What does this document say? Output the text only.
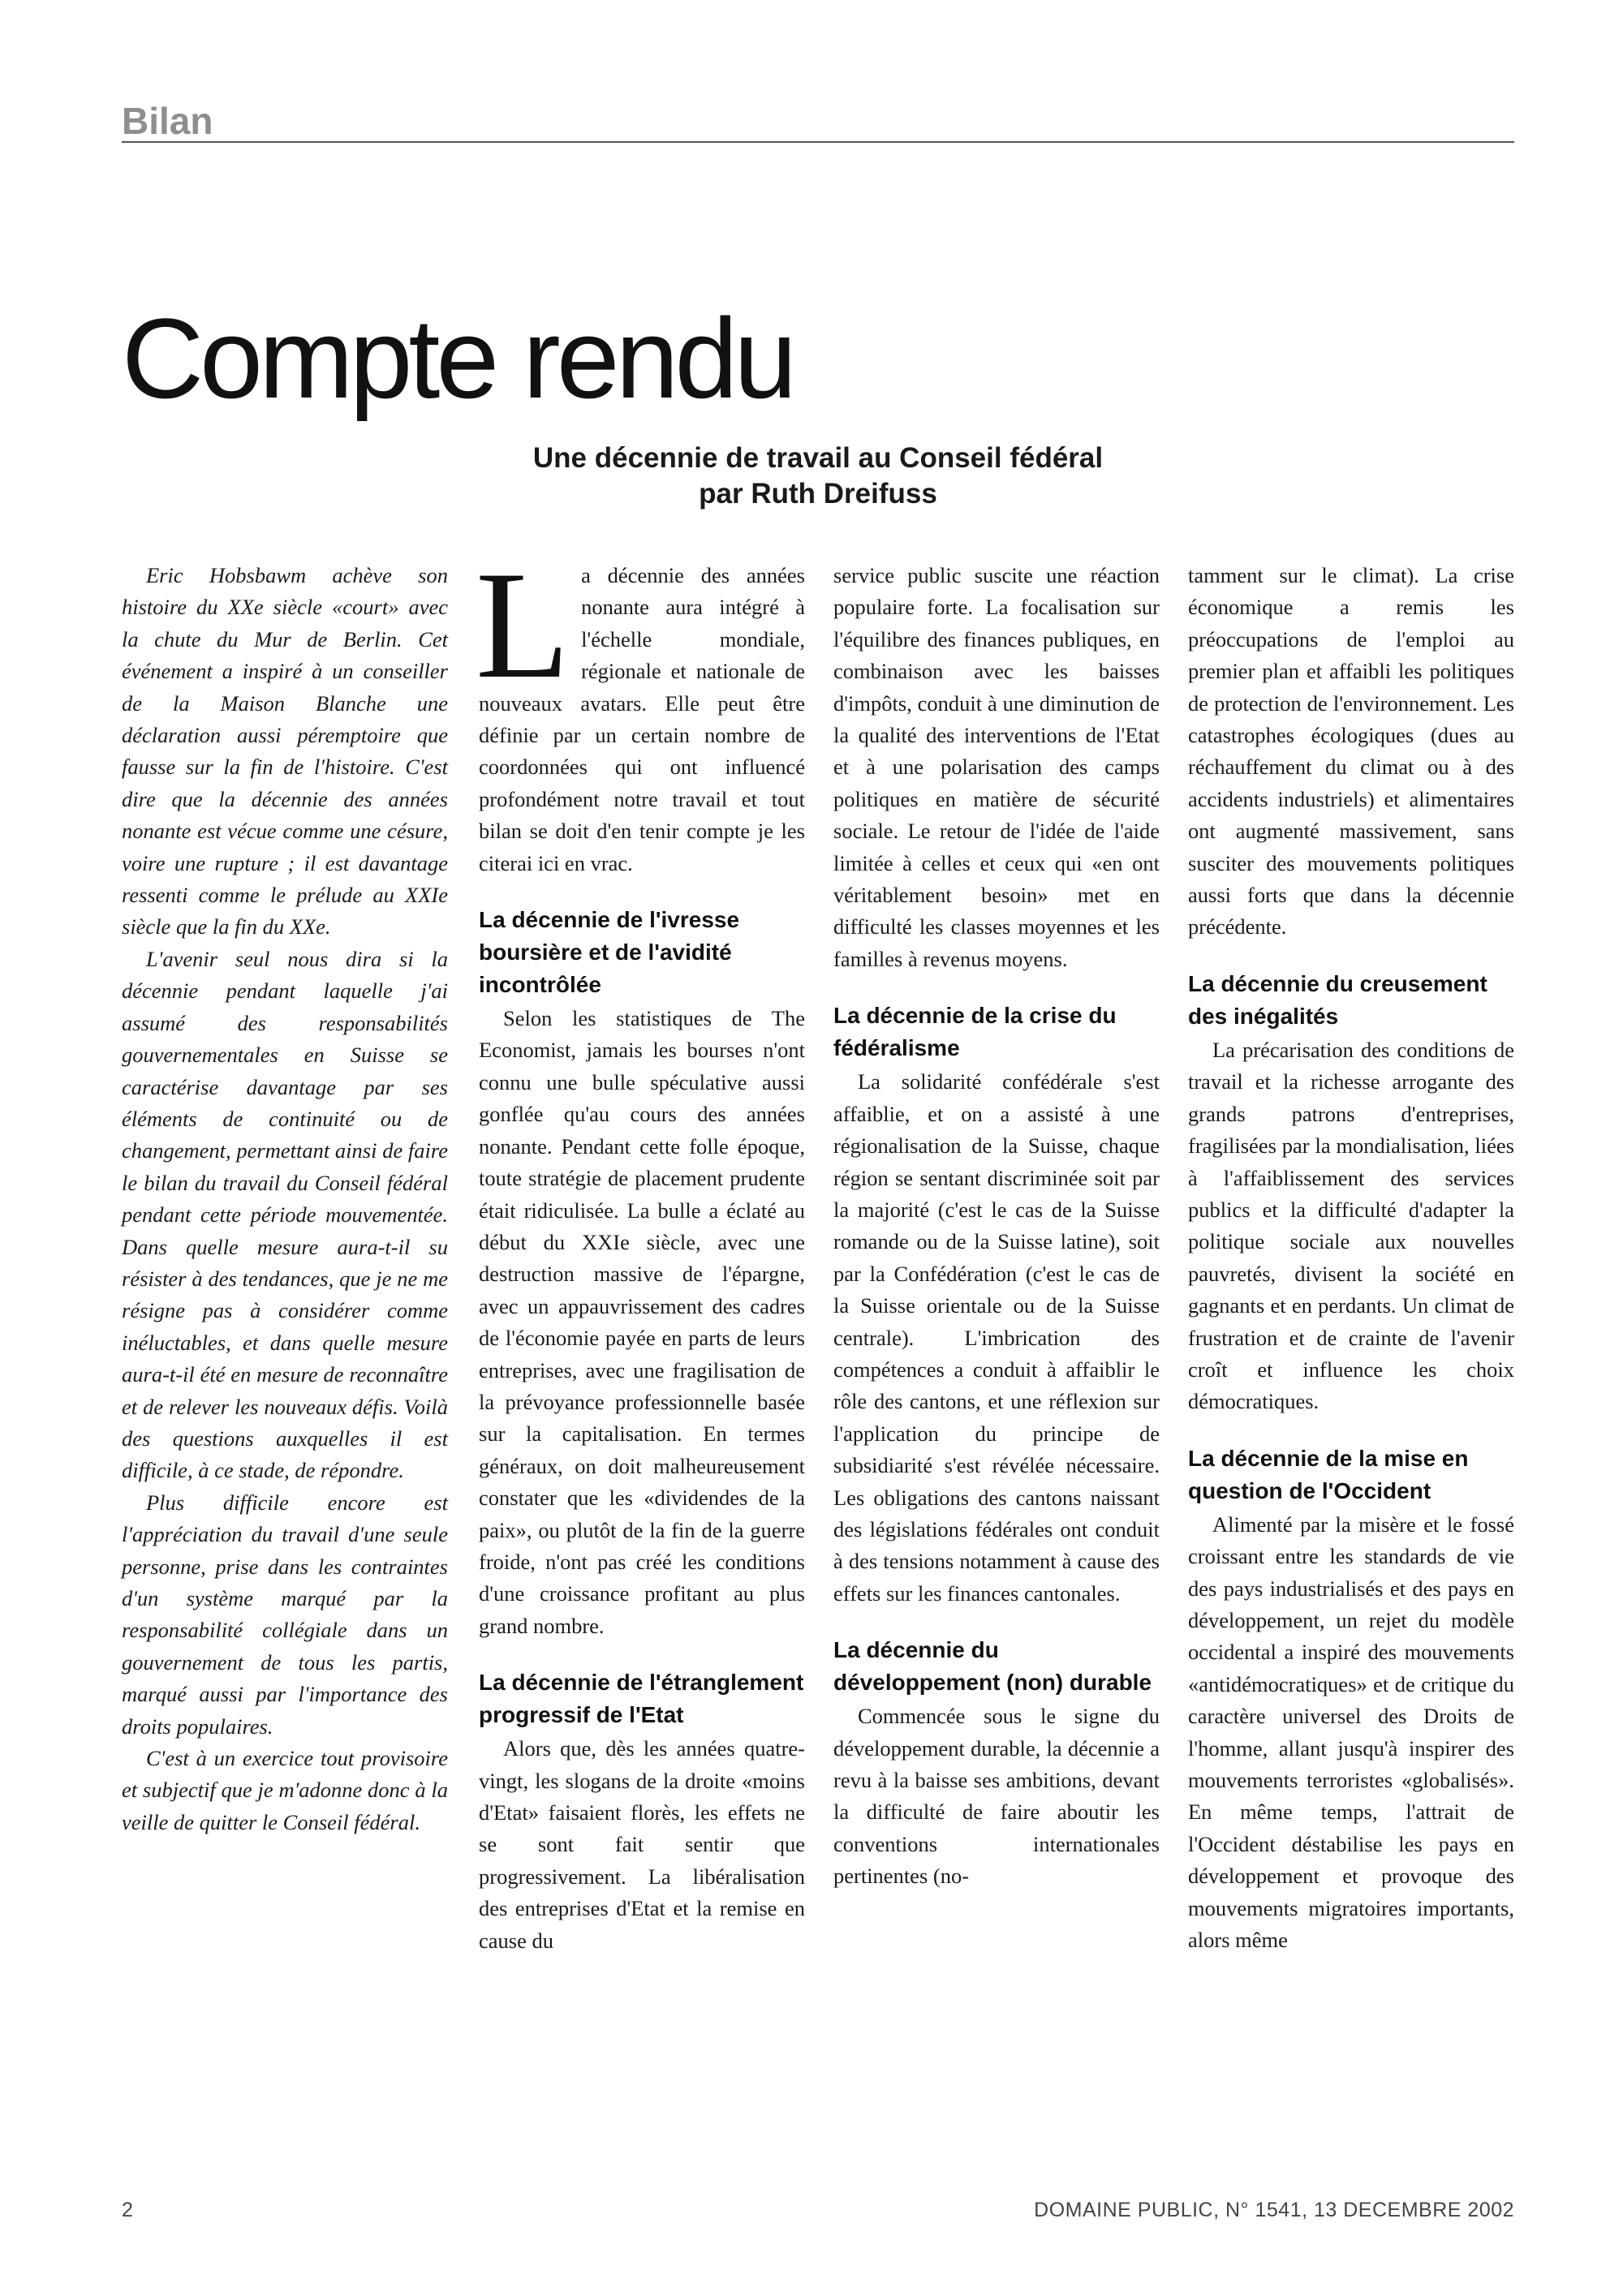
Bilan
Compte rendu
Une décennie de travail au Conseil fédéral
par Ruth Dreifuss

Eric Hobsbawm achève son histoire du XXe siècle «court» avec la chute du Mur de Berlin. Cet événement a inspiré à un conseiller de la Maison Blanche une déclaration aussi péremptoire que fausse sur la fin de l'histoire. C'est dire que la décennie des années nonante est vécue comme une césure, voire une rupture ; il est davantage ressenti comme le prélude au XXIe siècle que la fin du XXe.

L'avenir seul nous dira si la décennie pendant laquelle j'ai assumé des responsabilités gouvernementales en Suisse se caractérise davantage par ses éléments de continuité ou de changement, permettant ainsi de faire le bilan du travail du Conseil fédéral pendant cette période mouvementée. Dans quelle mesure aura-t-il su résister à des tendances, que je ne me résigne pas à considérer comme inéluctables, et dans quelle mesure aura-t-il été en mesure de reconnaître et de relever les nouveaux défis. Voilà des questions auxquelles il est difficile, à ce stade, de répondre.

Plus difficile encore est l'appréciation du travail d'une seule personne, prise dans les contraintes d'un système marqué par la responsabilité collégiale dans un gouvernement de tous les partis, marqué aussi par l'importance des droits populaires.

C'est à un exercice tout provisoire et subjectif que je m'adonne donc à la veille de quitter le Conseil fédéral.

La décennie des années nonante aura intégré à l'échelle mondiale, régionale et nationale de nouveaux avatars. Elle peut être définie par un certain nombre de coordonnées qui ont influencé profondément notre travail et tout bilan se doit d'en tenir compte je les citerai ici en vrac.

La décennie de l'ivresse boursière et de l'avidité incontrôlée

Selon les statistiques de The Economist, jamais les bourses n'ont connu une bulle spéculative aussi gonflée qu'au cours des années nonante. Pendant cette folle époque, toute stratégie de placement prudente était ridiculisée. La bulle a éclaté au début du XXIe siècle, avec une destruction massive de l'épargne, avec un appauvrissement des cadres de l'économie payée en parts de leurs entreprises, avec une fragilisation de la prévoyance professionnelle basée sur la capitalisation. En termes généraux, on doit malheureusement constater que les «dividendes de la paix», ou plutôt de la fin de la guerre froide, n'ont pas créé les conditions d'une croissance profitant au plus grand nombre.

La décennie de l'étranglement progressif de l'Etat

Alors que, dès les années quatre-vingt, les slogans de la droite «moins d'Etat» faisaient florès, les effets ne se sont fait sentir que progressivement. La libéralisation des entreprises d'Etat et la remise en cause du

service public suscite une réaction populaire forte. La focalisation sur l'équilibre des finances publiques, en combinaison avec les baisses d'impôts, conduit à une diminution de la qualité des interventions de l'Etat et à une polarisation des camps politiques en matière de sécurité sociale. Le retour de l'idée de l'aide limitée à celles et ceux qui «en ont véritablement besoin» met en difficulté les classes moyennes et les familles à revenus moyens.

La décennie de la crise du fédéralisme

La solidarité confédérale s'est affaiblie, et on a assisté à une régionalisation de la Suisse, chaque région se sentant discriminée soit par la majorité (c'est le cas de la Suisse romande ou de la Suisse latine), soit par la Confédération (c'est le cas de la Suisse orientale ou de la Suisse centrale). L'imbrication des compétences a conduit à affaiblir le rôle des cantons, et une réflexion sur l'application du principe de subsidiarité s'est révélée nécessaire. Les obligations des cantons naissant des législations fédérales ont conduit à des tensions notamment à cause des effets sur les finances cantonales.

La décennie du développement (non) durable

Commencée sous le signe du développement durable, la décennie a revu à la baisse ses ambitions, devant la difficulté de faire aboutir les conventions internationales pertinentes (no-

tamment sur le climat). La crise économique a remis les préoccupations de l'emploi au premier plan et affaibli les politiques de protection de l'environnement. Les catastrophes écologiques (dues au réchauffement du climat ou à des accidents industriels) et alimentaires ont augmenté massivement, sans susciter des mouvements politiques aussi forts que dans la décennie précédente.

La décennie du creusement des inégalités

La précarisation des conditions de travail et la richesse arrogante des grands patrons d'entreprises, fragilisées par la mondialisation, liées à l'affaiblissement des services publics et la difficulté d'adapter la politique sociale aux nouvelles pauvretés, divisent la société en gagnants et en perdants. Un climat de frustration et de crainte de l'avenir croît et influence les choix démocratiques.

La décennie de la mise en question de l'Occident

Alimenté par la misère et le fossé croissant entre les standards de vie des pays industrialisés et des pays en développement, un rejet du modèle occidental a inspiré des mouvements «antidémocratiques» et de critique du caractère universel des Droits de l'homme, allant jusqu'à inspirer des mouvements terroristes «globalisés». En même temps, l'attrait de l'Occident déstabilise les pays en développement et provoque des mouvements migratoires importants, alors même

2	DOMAINE PUBLIC, N° 1541, 13 DECEMBRE 2002
